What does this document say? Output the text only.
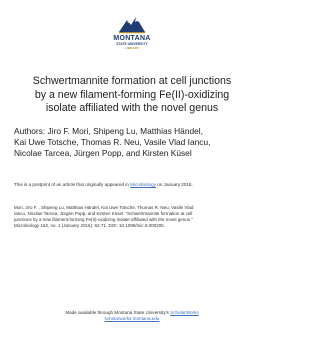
MONTANA
STATE UNIVERSITY
LIBRARY
Schwertmannite formation at cell junctions
by a new filament-forming Fe(II)-oxidizing
isolate affiliated with the novel genus
Authors: Jiro F. Mori, Shipeng Lu, Matthias Händel,
Kai Uwe Totsche, Thomas R. Neu, Vasile Vlad Iancu,
Nicolae Tarcea, Jürgen Popp, and Kirsten Küsel
This is a postprint of an article that originally appeared in Microbiology on January 2016.
Mori, Jiro F. , Shipeng Lu, Matthias Händel, Kai Uwe Totsche, Thomas R. Neu, Vasile Vlad
Iancu, Nicolae Tarcea, Jürgen Popp, and Kirsten Küsel. "Schwertmannite formation at cell
junctions by a new filament-forming Fe(II)-oxidizing isolate affiliated with the novel genus."
Microbiology 162, no. 1 (January 2016): 62-71. DOI: 10.1099/mic.0.000205.
Made available through Montana State University's ScholarWorks
scholarworks.montana.edu
